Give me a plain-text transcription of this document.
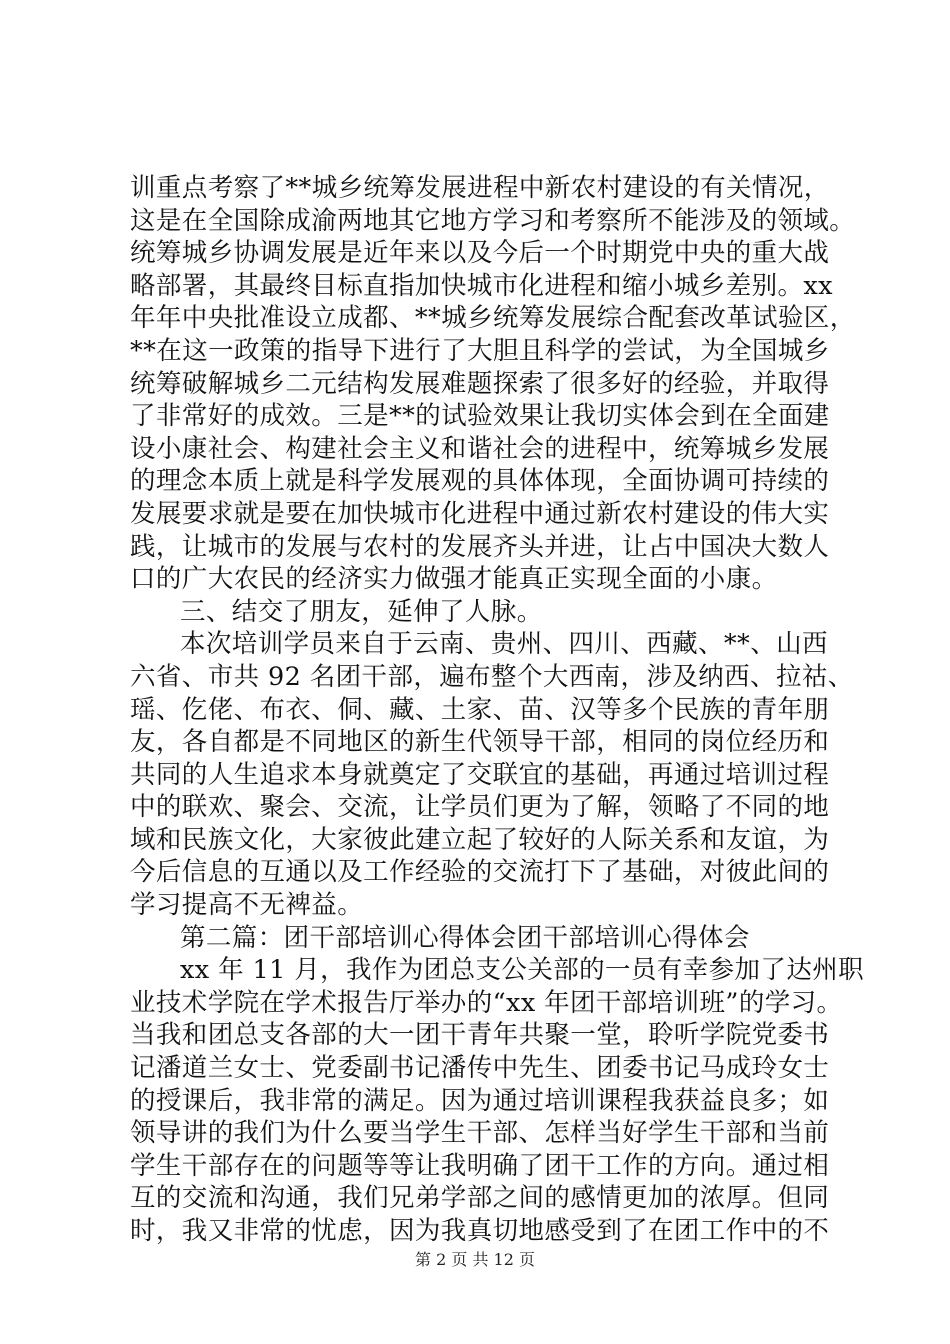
训重点考察了**城乡统筹发展进程中新农村建设的有关情况，
这是在全国除成渝两地其它地方学习和考察所不能涉及的领域。
统筹城乡协调发展是近年来以及今后一个时期党中央的重大战
略部署，其最终目标直指加快城市化进程和缩小城乡差别。xx
年年中央批准设立成都、**城乡统筹发展综合配套改革试验区，
**在这一政策的指导下进行了大胆且科学的尝试，为全国城乡
统筹破解城乡二元结构发展难题探索了很多好的经验，并取得
了非常好的成效。三是**的试验效果让我切实体会到在全面建
设小康社会、构建社会主义和谐社会的进程中，统筹城乡发展
的理念本质上就是科学发展观的具体体现，全面协调可持续的
发展要求就是要在加快城市化进程中通过新农村建设的伟大实
践，让城市的发展与农村的发展齐头并进，让占中国决大数人
口的广大农民的经济实力做强才能真正实现全面的小康。
三、结交了朋友，延伸了人脉。
本次培训学员来自于云南、贵州、四川、西藏、**、山西
六省、市共 92 名团干部，遍布整个大西南，涉及纳西、拉祜、
瑶、仡佬、布衣、侗、藏、土家、苗、汉等多个民族的青年朋
友，各自都是不同地区的新生代领导干部，相同的岗位经历和
共同的人生追求本身就奠定了交联宜的基础，再通过培训过程
中的联欢、聚会、交流，让学员们更为了解，领略了不同的地
域和民族文化，大家彼此建立起了较好的人际关系和友谊，为
今后信息的互通以及工作经验的交流打下了基础，对彼此间的
学习提高不无裨益。
第二篇：团干部培训心得体会团干部培训心得体会
xx 年 11 月，我作为团总支公关部的一员有幸参加了达州职
业技术学院在学术报告厅举办的“xx 年团干部培训班”的学习。
当我和团总支各部的大一团干青年共聚一堂，聆听学院党委书
记潘道兰女士、党委副书记潘传中先生、团委书记马成玲女士
的授课后，我非常的满足。因为通过培训课程我获益良多；如
领导讲的我们为什么要当学生干部、怎样当好学生干部和当前
学生干部存在的问题等等让我明确了团干工作的方向。通过相
互的交流和沟通，我们兄弟学部之间的感情更加的浓厚。但同
时，我又非常的忧虑，因为我真切地感受到了在团工作中的不
第 2 页 共 12 页
